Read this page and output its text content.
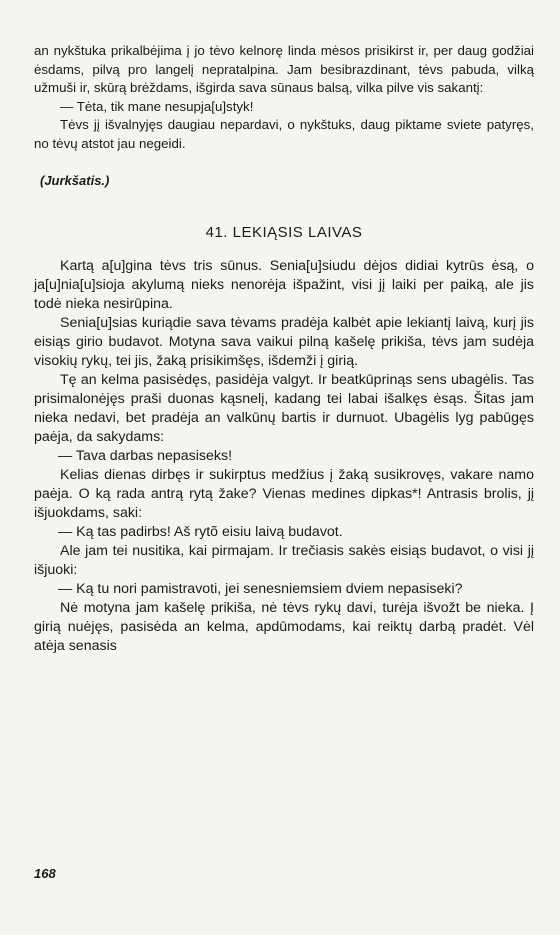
an nykštuka prikalbėjima į jo tėvo kelnorę linda mėsos prisikirst ir, per daug godžiai ėsdams, pilvą pro langelį nepratalpina. Jam besibrazdinant, tėvs pabuda, vilką užmuši ir, skūrą brėždams, išgirda sava sūnaus balsą, vilka pilve vis sakantį:

— Tėta, tik mane nesupja[u]styk!

Tėvs jį išvalnyjęs daugiau nepardavi, o nykštuks, daug piktame sviete patyręs, no tėvų atstot jau negeidi.

(Jurkšatis.)
41. LEKIĄSIS LAIVAS

Kartą a[u]gina tėvs tris sūnus. Senia[u]siudu dėjos didiai kytrūs ėsą, o ja[u]nia[u]sioja akylumą nieks nenorėja išpažint, visi jį laiki per paiką, ale jis todė nieka nesirūpina.

Senia[u]sias kuriądie sava tėvams pradėja kalbėt apie lekiantį laivą, kurį jis eisiąs girio budavot. Motyna sava vaikui pilną kašelę prikiša, tėvs jam sudėja visokių rykų, tei jis, žaką prisikimšęs, išdemži į girią.

Tę an kelma pasisėdęs, pasidėja valgyt. Ir beatkūprinąs sens ubagėlis. Tas prisimalonėjęs praši duonas kąsnelį, kadang tei labai išalkęs ėsąs. Šitas jam nieka nedavi, bet pradėja an valkūnų bartis ir durnuot. Ubagėlis lyg pabūgęs paėja, da sakydams:

— Tava darbas nepasiseks!

Kelias dienas dirbęs ir sukirptus medžius į žaką susikrovęs, vakare namo paėja. O ką rada antrą rytą žake? Vienas medines dipkas*! Antrasis brolis, jį išjuokdams, saki:

— Ką tas padirbs! Aš rytõ eisiu laivą budavot.

Ale jam tei nusitika, kai pirmajam. Ir trečiasis sakės eisiąs budavot, o visi jį išjuoki:

— Ką tu nori pamistravoti, jei senesniemsiem dviem nepasiseki?

Nė motyna jam kašelę prikiša, nė tėvs rykų davi, turėja išvožt be nieka. Į girią nuėjęs, pasisėda an kelma, apdūmodams, kai reiktų darbą pradėt. Vėl atėja senasis

168
